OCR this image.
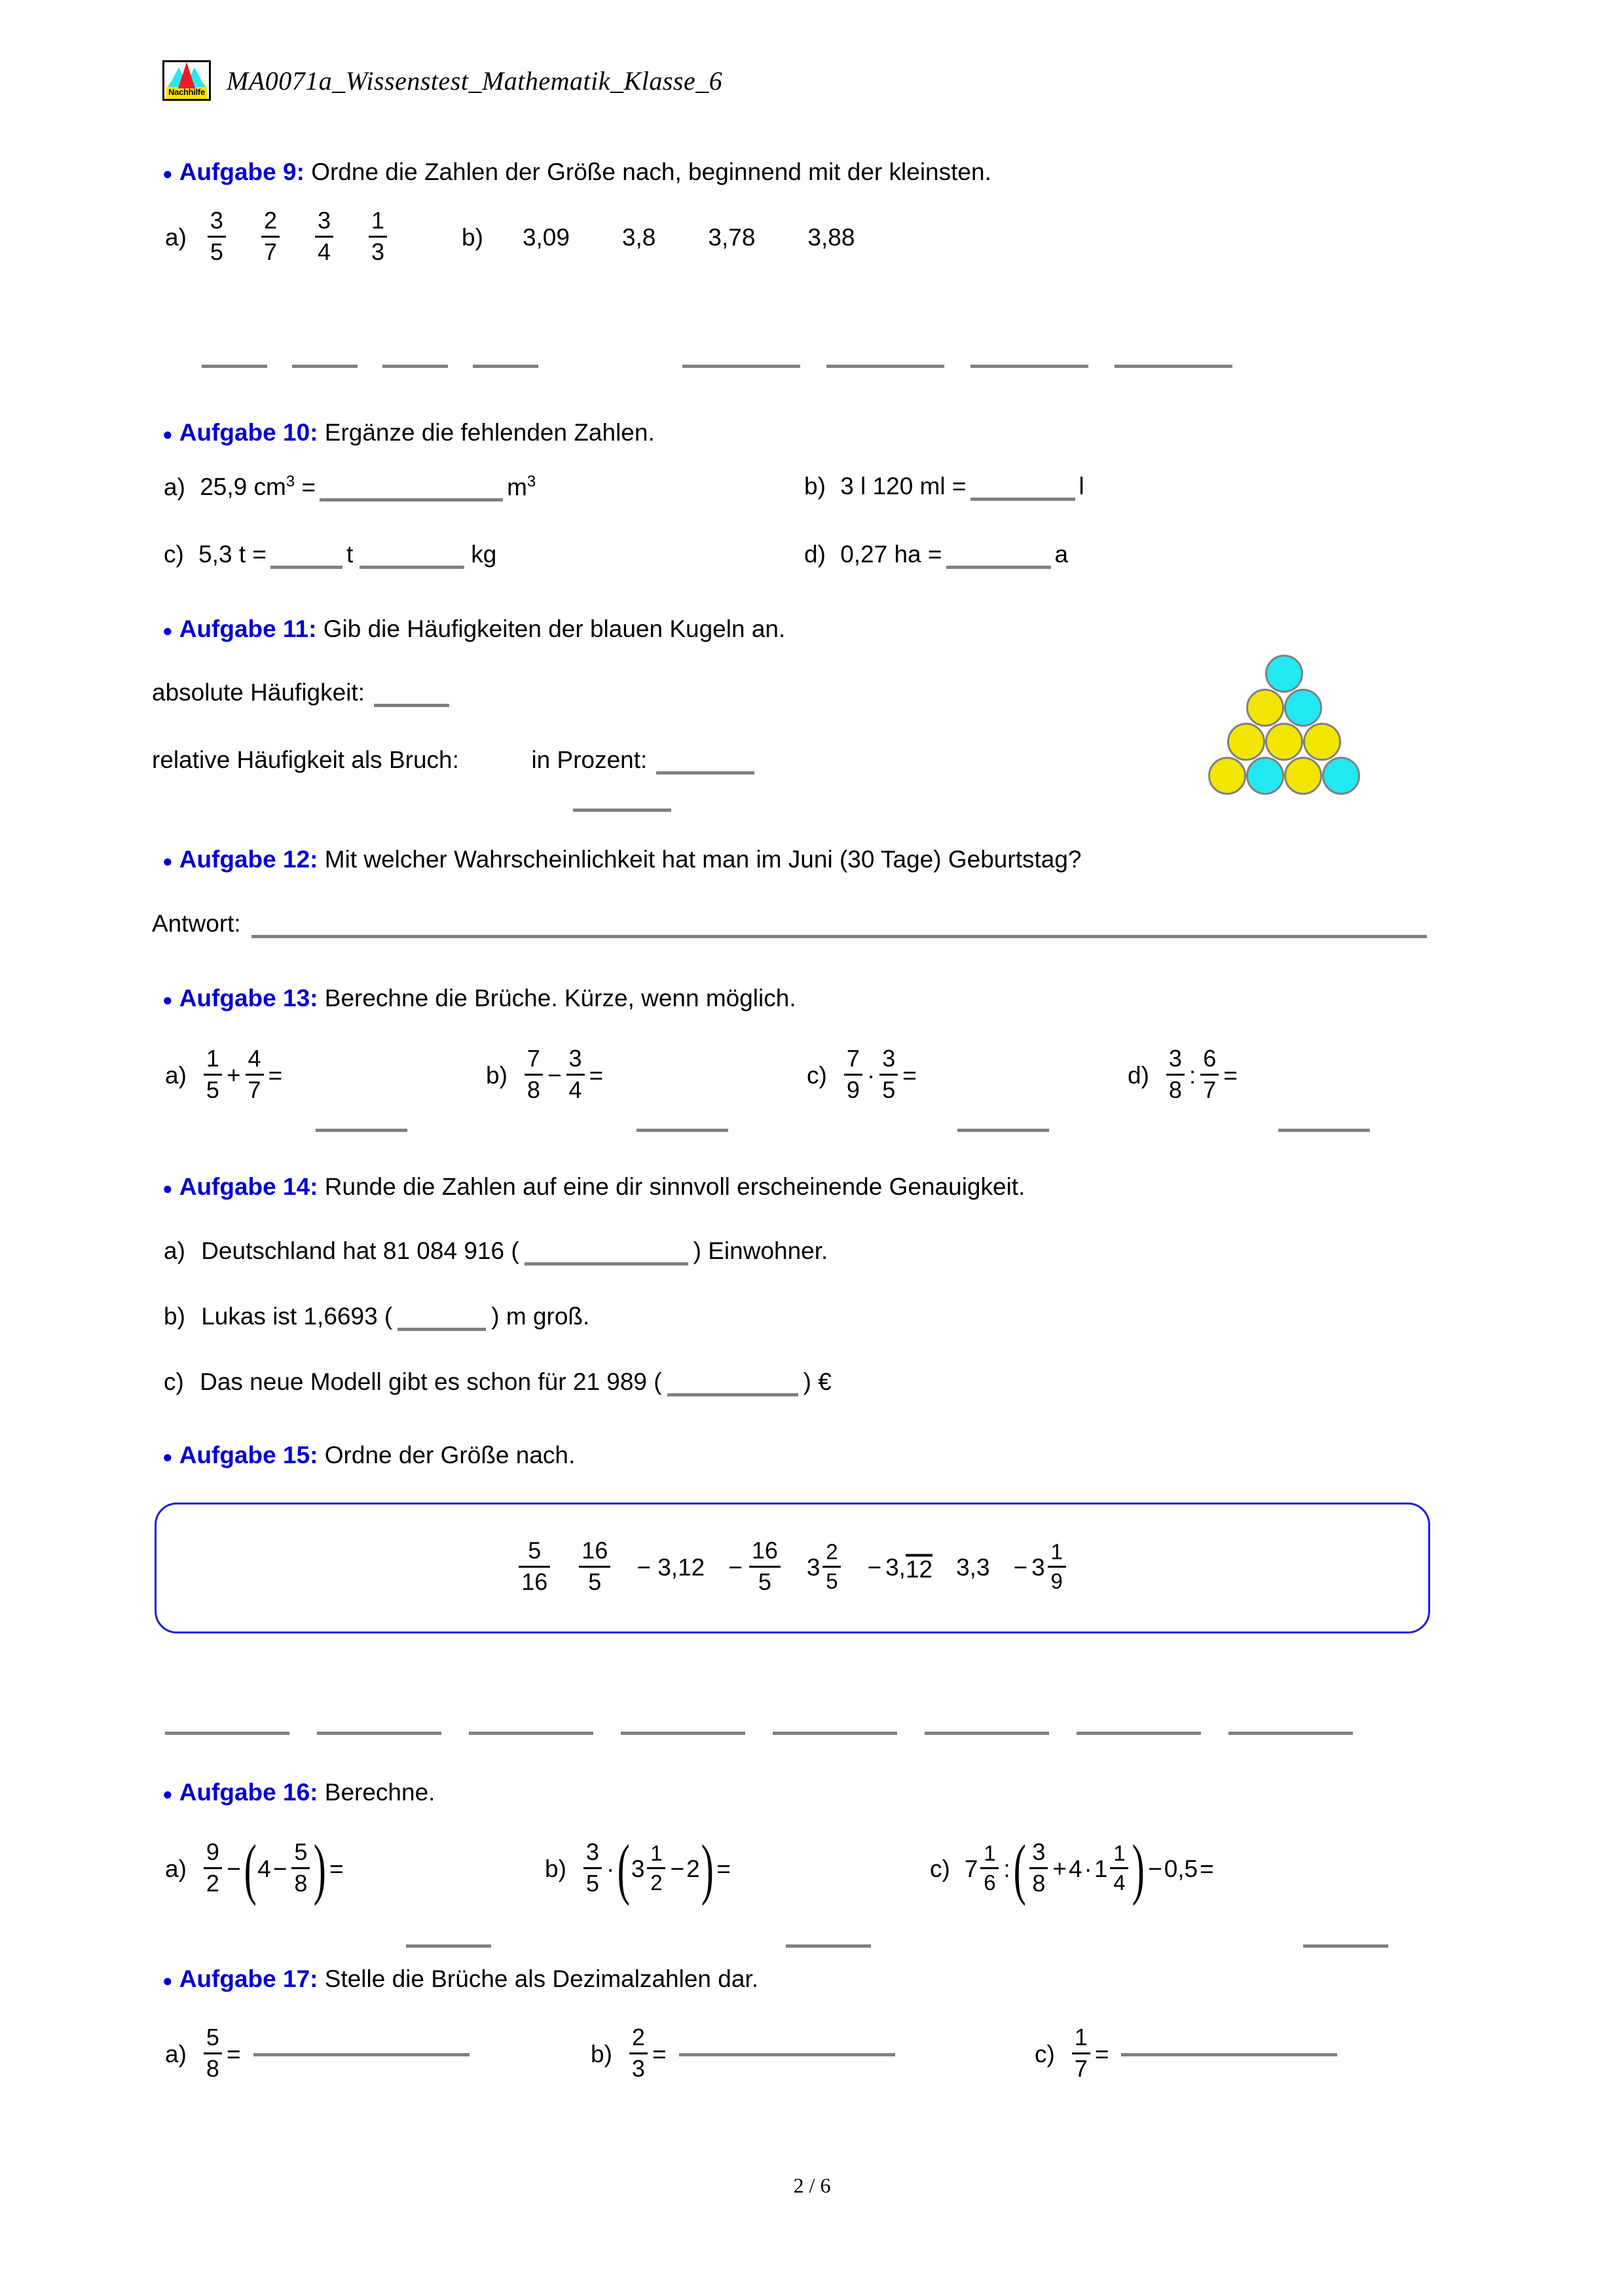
Nachhilfe MA0071a_Wissenstest_Mathematik_Klasse_6
● Aufgabe 9: Ordne die Zahlen der Größe nach, beginnend mit der kleinsten.
$a) \frac{3}{5} \frac{2}{7} \frac{3}{4} \frac{1}{3}$	b) 3,09 3,8 3,78 3,88
● Aufgabe 10: Ergänze die fehlenden Zahlen.
a) 25,9 $cm^3$ =	$m^3$	b) 3 l 120 ml =	l
c) 5,3 t =	t	kg	d) 0,27 ha =	a
● Aufgabe 11: Gib die Häufigkeiten der blauen Kugeln an.
absolute Häufigkeit:
relative Häufigkeit als Bruch:	in Prozent:
● Aufgabe 12: Mit welcher Wahrscheinlichkeit hat man im Juni (30 Tage) Geburtstag?
Antwort:
● Aufgabe 13: Berechne die Brüche. Kürze, wenn möglich.
$a) \frac{1}{5} + \frac{4}{7}$ =	$b) \frac{7}{8} - \frac{3}{4}$ =	$c) \frac{7}{9} \cdot \frac{3}{5}$ =	$d) \frac{3}{8}$ : $\frac{6}{7}$ =
● Aufgabe 14: Runde die Zahlen auf eine dir sinnvoll erscheinende Genauigkeit.
a) Deutschland hat 81 084 916 (	) Einwohner.
b) Lukas ist 1,6693 (	) m groß.
c) Das neue Modell gibt es schon für 21 989 (	) €
● Aufgabe 15: Ordne der Größe nach.
$\frac{5}{16} \frac{16}{5} - 3,12 - \frac{16}{5} 3 \frac{2}{5} - 3$, 12 $3,3 - 3 \frac{1}{9}$
● Aufgabe 16: Berechne.
$a) \frac{9}{2}$ − ( $4 - \frac{5}{8}$ ) =	$b) \frac{3}{5}$ · ( $3 \frac{1}{2} - 2$ ) =	c) $7 \frac{1}{6}$ : ( $\frac{3}{8} + 4 \cdot 1 \frac{1}{4}$ ) − 0,5 =
● Aufgabe 17: Stelle die Brüche als Dezimalzahlen dar.
$a) \frac{5}{8}$ =	$b) \frac{2}{3}$ =	$c) \frac{1}{7}$ =
2 / 6
